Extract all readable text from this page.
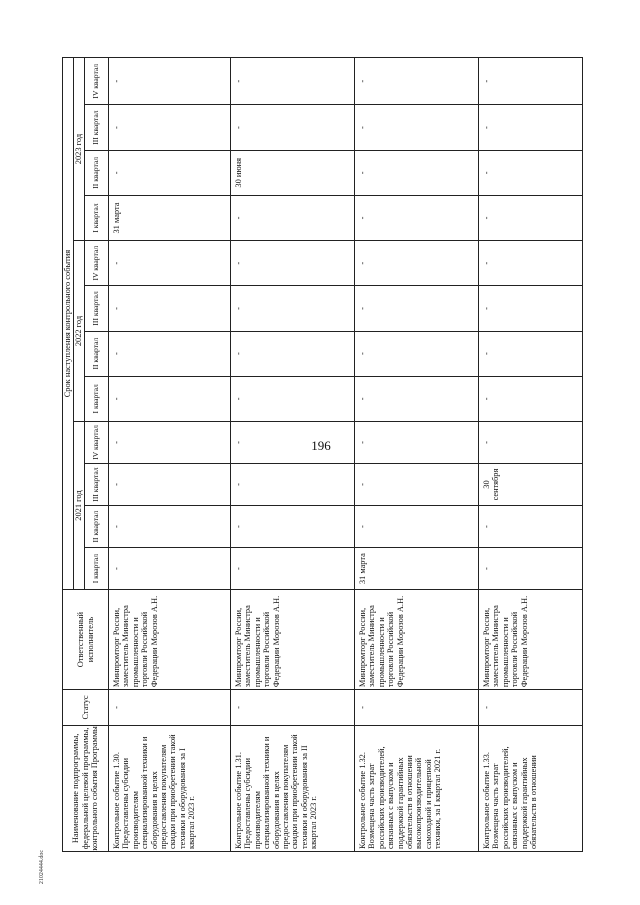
196
Наименование подпрограммы, федеральной целевой программы, контрольного события Программы	Статус	Ответственный исполнитель	Срок наступления контрольного события											
			2021 год				2022 год				2023 год			
			I квартал	II квартал	III квартал	IV квартал	I квартал	II квартал	III квартал	IV квартал	I квартал	II квартал	III квартал	IV квартал
Контрольное событие 1.30. Предоставлены субсидии производителям специализированной техники и оборудования в целях предоставления покупателям скидки при приобретении такой техники и оборудования за I квартал 2023 г.	-	Минпромторг России, заместитель Министра промышленности и торговли Российской Федерации Морозов А.Н.	-	-	-	-	-	-	-	-	31 марта	-	-	-
Контрольное событие 1.31. Предоставлены субсидии производителям специализированной техники и оборудования в целях предоставления покупателям скидки при приобретении такой техники и оборудования за II квартал 2023 г.	-	Минпромторг России, заместитель Министра промышленности и торговли Российской Федерации Морозов А.Н.	-	-	-	-	-	-	-	-	-	30 июня	-	-
Контрольное событие 1.32. Возмещена часть затрат российских производителей, связанных с выпуском и поддержкой гарантийных обязательств в отношении высокопроизводительной самоходной и прицепной техники, за I квартал 2021 г.	-	Минпромторг России, заместитель Министра промышленности и торговли Российской Федерации Морозов А.Н.	31 марта	-	-	-	-	-	-	-	-	-	-	-
Контрольное событие 1.33. Возмещена часть затрат российских производителей, связанных с выпуском и поддержкой гарантийных обязательств в отношении	-	Минпромторг России, заместитель Министра промышленности и торговли Российской Федерации Морозов А.Н.	-	-	30 сентября	-	-	-	-	-	-	-	-	-
21024444.doc
